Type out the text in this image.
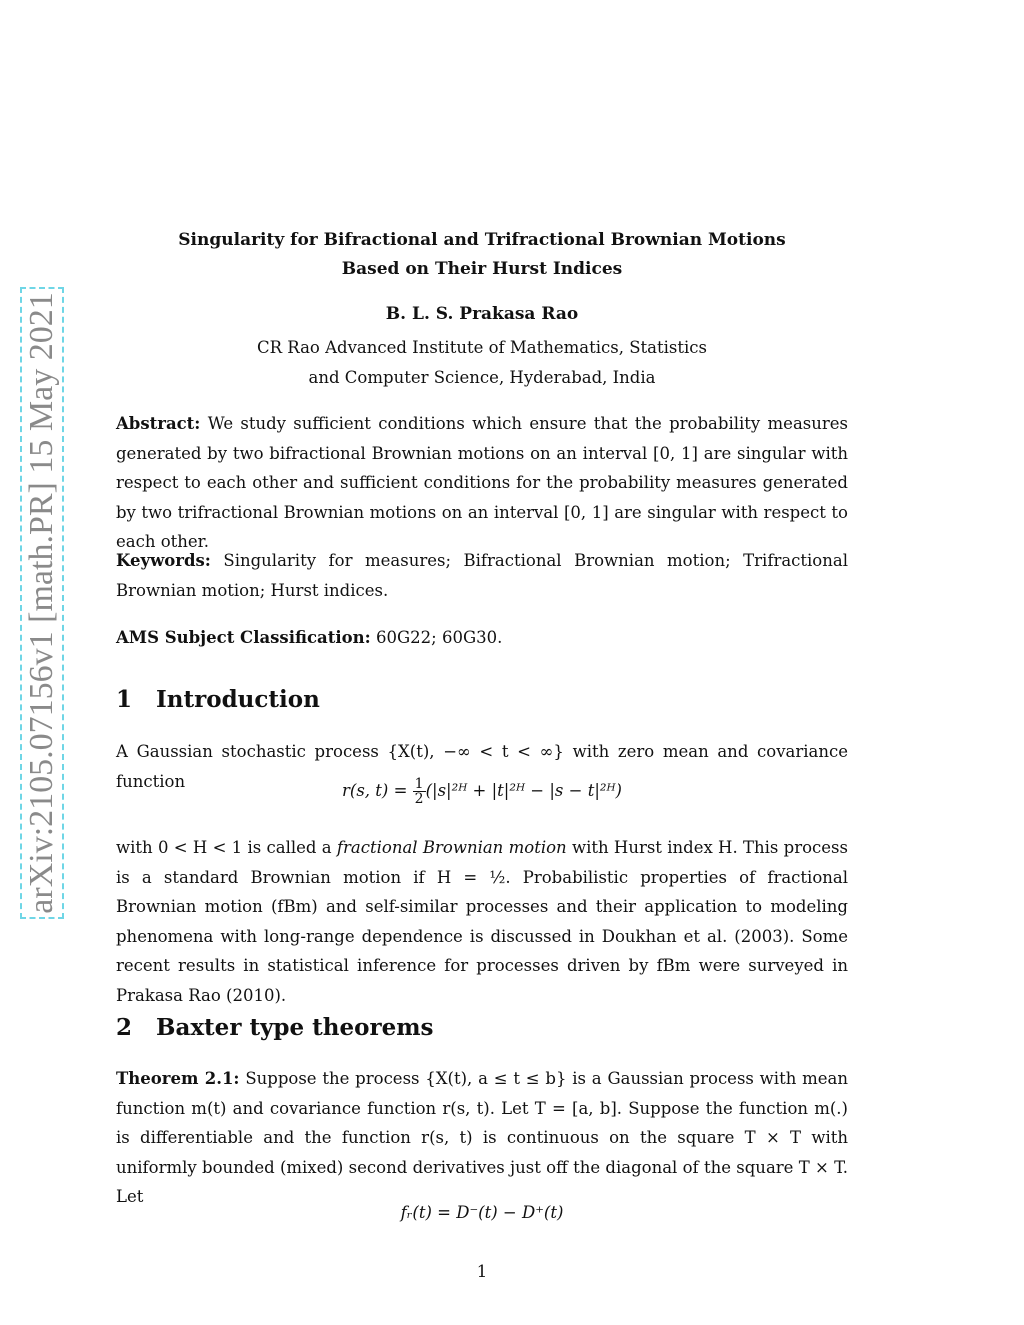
arXiv:2105.07156v1 [math.PR] 15 May 2021
Singularity for Bifractional and Trifractional Brownian Motions
Based on Their Hurst Indices
B. L. S. Prakasa Rao
CR Rao Advanced Institute of Mathematics, Statistics
and Computer Science, Hyderabad, India
Abstract: We study sufficient conditions which ensure that the probability measures generated by two bifractional Brownian motions on an interval [0, 1] are singular with respect to each other and sufficient conditions for the probability measures generated by two trifractional Brownian motions on an interval [0, 1] are singular with respect to each other.
Keywords: Singularity for measures; Bifractional Brownian motion; Trifractional Brownian motion; Hurst indices.
AMS Subject Classification: 60G22; 60G30.
1 Introduction
A Gaussian stochastic process {X(t), −∞ < t < ∞} with zero mean and covariance function	r(s, $t) = \frac{1}{2}$ (|s|²ᴴ + |t|²ᴴ − |s − t|²ᴴ)
with 0 < H < 1 is called a fractional Brownian motion with Hurst index H. This process is a standard Brownian motion if H = ½. Probabilistic properties of fractional Brownian motion (fBm) and self-similar processes and their application to modeling phenomena with long-range dependence is discussed in Doukhan et al. (2003). Some recent results in statistical inference for processes driven by fBm were surveyed in Prakasa Rao (2010).
2 Baxter type theorems
Theorem 2.1: Suppose the process {X(t), a ≤ t ≤ b} is a Gaussian process with mean function m(t) and covariance function r(s, t). Let T = [a, b]. Suppose the function m(.) is differentiable and the function r(s, t) is continuous on the square T × T with uniformly bounded (mixed) second derivatives just off the diagonal of the square T × T. Let
fᵣ(t) = D⁻(t) − D⁺(t)
1
